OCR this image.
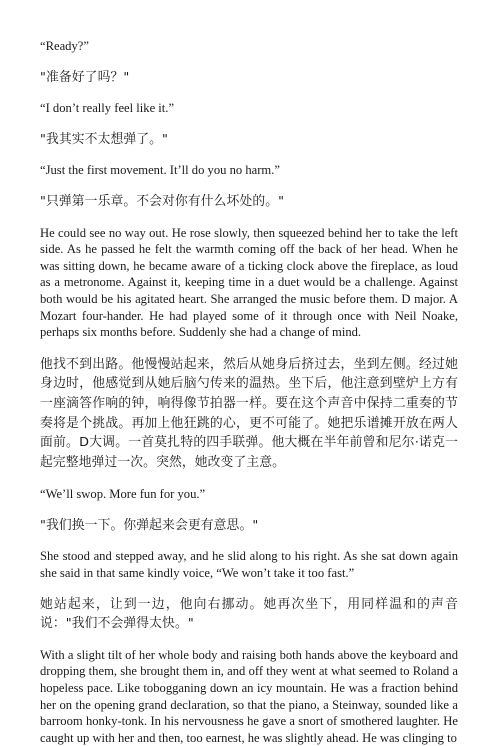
“Ready?”

"准备好了吗？"

“I don’t really feel like it.”

"我其实不太想弹了。"

“Just the first movement. It’ll do you no harm.”

"只弹第一乐章。不会对你有什么坏处的。"

He could see no way out. He rose slowly, then squeezed behind her to take the left side. As he passed he felt the warmth coming off the back of her head. When he was sitting down, he became aware of a ticking clock above the fireplace, as loud as a metronome. Against it, keeping time in a duet would be a challenge. Against both would be his agitated heart. She arranged the music before them. D major. A Mozart four-hander. He had played some of it through once with Neil Noake, perhaps six months before. Suddenly she had a change of mind.

他找不到出路。他慢慢站起来，然后从她身后挤过去，坐到左侧。经过她身边时，他感觉到从她后脑勺传来的温热。坐下后，他注意到壁炉上方有一座滴答作响的钟，响得像节拍器一样。要在这个声音中保持二重奏的节奏将是个挑战。再加上他狂跳的心，更不可能了。她把乐谱摊开放在两人面前。D大调。一首莫扎特的四手联弹。他大概在半年前曾和尼尔·诺克一起完整地弹过一次。突然，她改变了主意。

“We’ll swop. More fun for you.”

"我们换一下。你弹起来会更有意思。"

She stood and stepped away, and he slid along to his right. As she sat down again she said in that same kindly voice, “We won’t take it too fast.”

她站起来，让到一边，他向右挪动。她再次坐下，用同样温和的声音说："我们不会弹得太快。"

With a slight tilt of her whole body and raising both hands above the keyboard and dropping them, she brought them in, and off they went at what seemed to Roland a hopeless pace. Like tobogganing down an icy mountain. He was a fraction behind her on the opening grand declaration, so that the piano, a Steinway, sounded like a barroom honky-tonk. In his nervousness he gave a snort of smothered laughter. He caught up with her and then, too earnest, he was slightly ahead. He was clinging to
